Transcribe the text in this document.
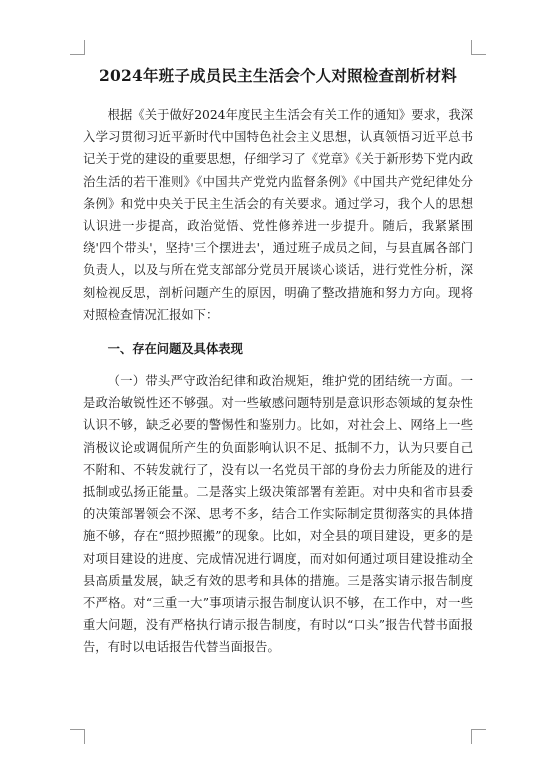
2024年班子成员民主生活会个人对照检查剖析材料

根据《关于做好2024年度民主生活会有关工作的通知》要求，我深入学习贯彻习近平新时代中国特色社会主义思想，认真领悟习近平总书记关于党的建设的重要思想，仔细学习了《党章》《关于新形势下党内政治生活的若干准则》《中国共产党党内监督条例》《中国共产党纪律处分条例》和党中央关于民主生活会的有关要求。通过学习，我个人的思想认识进一步提高，政治觉悟、党性修养进一步提升。随后，我紧紧围绕'四个带头'，坚持'三个摆进去'，通过班子成员之间，与县直属各部门负责人，以及与所在党支部部分党员开展谈心谈话，进行党性分析，深刻检视反思，剖析问题产生的原因，明确了整改措施和努力方向。现将对照检查情况汇报如下：

一、存在问题及具体表现

（一）带头严守政治纪律和政治规矩，维护党的团结统一方面。一是政治敏锐性还不够强。对一些敏感问题特别是意识形态领域的复杂性认识不够，缺乏必要的警惕性和鉴别力。比如，对社会上、网络上一些消极议论或调侃所产生的负面影响认识不足、抵制不力，认为只要自己不附和、不转发就行了，没有以一名党员干部的身份去力所能及的进行抵制或弘扬正能量。二是落实上级决策部署有差距。对中央和省市县委的决策部署领会不深、思考不多，结合工作实际制定贯彻落实的具体措施不够，存在“照抄照搬”的现象。比如，对全县的项目建设，更多的是对项目建设的进度、完成情况进行调度，而对如何通过项目建设推动全县高质量发展，缺乏有效的思考和具体的措施。三是落实请示报告制度不严格。对“三重一大”事项请示报告制度认识不够，在工作中，对一些重大问题，没有严格执行请示报告制度，有时以“口头”报告代替书面报告，有时以电话报告代替当面报告。
